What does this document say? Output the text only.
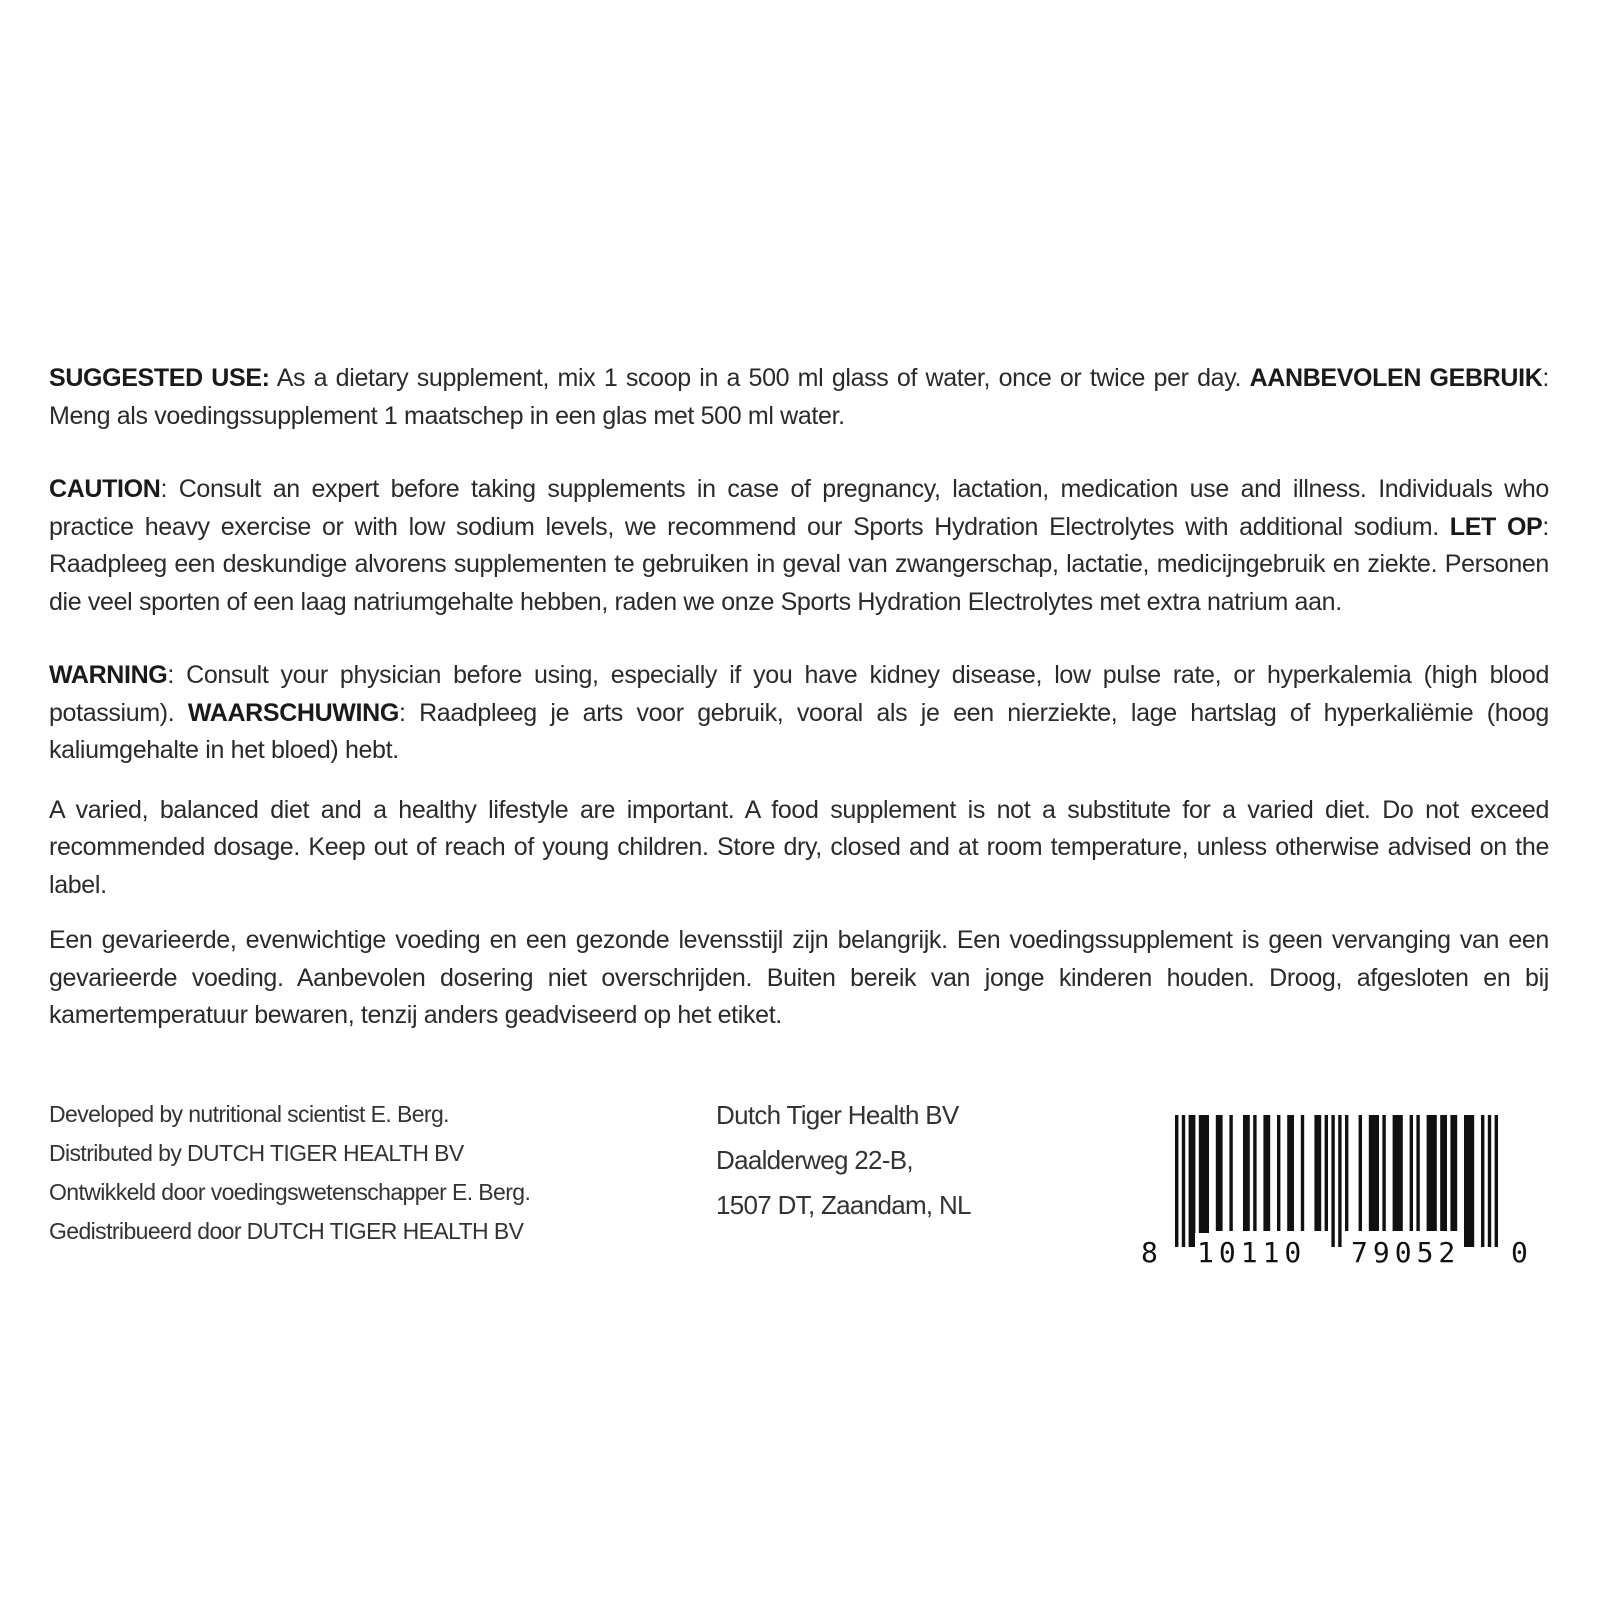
SUGGESTED USE: As a dietary supplement, mix 1 scoop in a 500 ml glass of water, once or twice per day. AANBEVOLEN GEBRUIK: Meng als voedingssupplement 1 maatschep in een glas met 500 ml water.

CAUTION: Consult an expert before taking supplements in case of pregnancy, lactation, medication use and illness. Individuals who practice heavy exercise or with low sodium levels, we recommend our Sports Hydration Electrolytes with additional sodium. LET OP: Raadpleeg een deskundige alvorens supplementen te gebruiken in geval van zwangerschap, lactatie, medicijngebruik en ziekte. Personen die veel sporten of een laag natriumgehalte hebben, raden we onze Sports Hydration Electrolytes met extra natrium aan.

WARNING: Consult your physician before using, especially if you have kidney disease, low pulse rate, or hyperkalemia (high blood potassium). WAARSCHUWING: Raadpleeg je arts voor gebruik, vooral als je een nierziekte, lage hartslag of hyperkaliëmie (hoog kaliumgehalte in het bloed) hebt.

A varied, balanced diet and a healthy lifestyle are important. A food supplement is not a substitute for a varied diet. Do not exceed recommended dosage. Keep out of reach of young children. Store dry, closed and at room temperature, unless otherwise advised on the label.

Een gevarieerde, evenwichtige voeding en een gezonde levensstijl zijn belangrijk. Een voedingssupplement is geen vervanging van een gevarieerde voeding. Aanbevolen dosering niet overschrijden. Buiten bereik van jonge kinderen houden. Droog, afgesloten en bij kamertemperatuur bewaren, tenzij anders geadviseerd op het etiket.

Developed by nutritional scientist E. Berg.
Distributed by DUTCH TIGER HEALTH BV
Ontwikkeld door voedingswetenschapper E. Berg.
Gedistribueerd door DUTCH TIGER HEALTH BV
Dutch Tiger Health BV
Daalderweg 22-B,
1507 DT, Zaandam, NL
8 10110 79052 0
